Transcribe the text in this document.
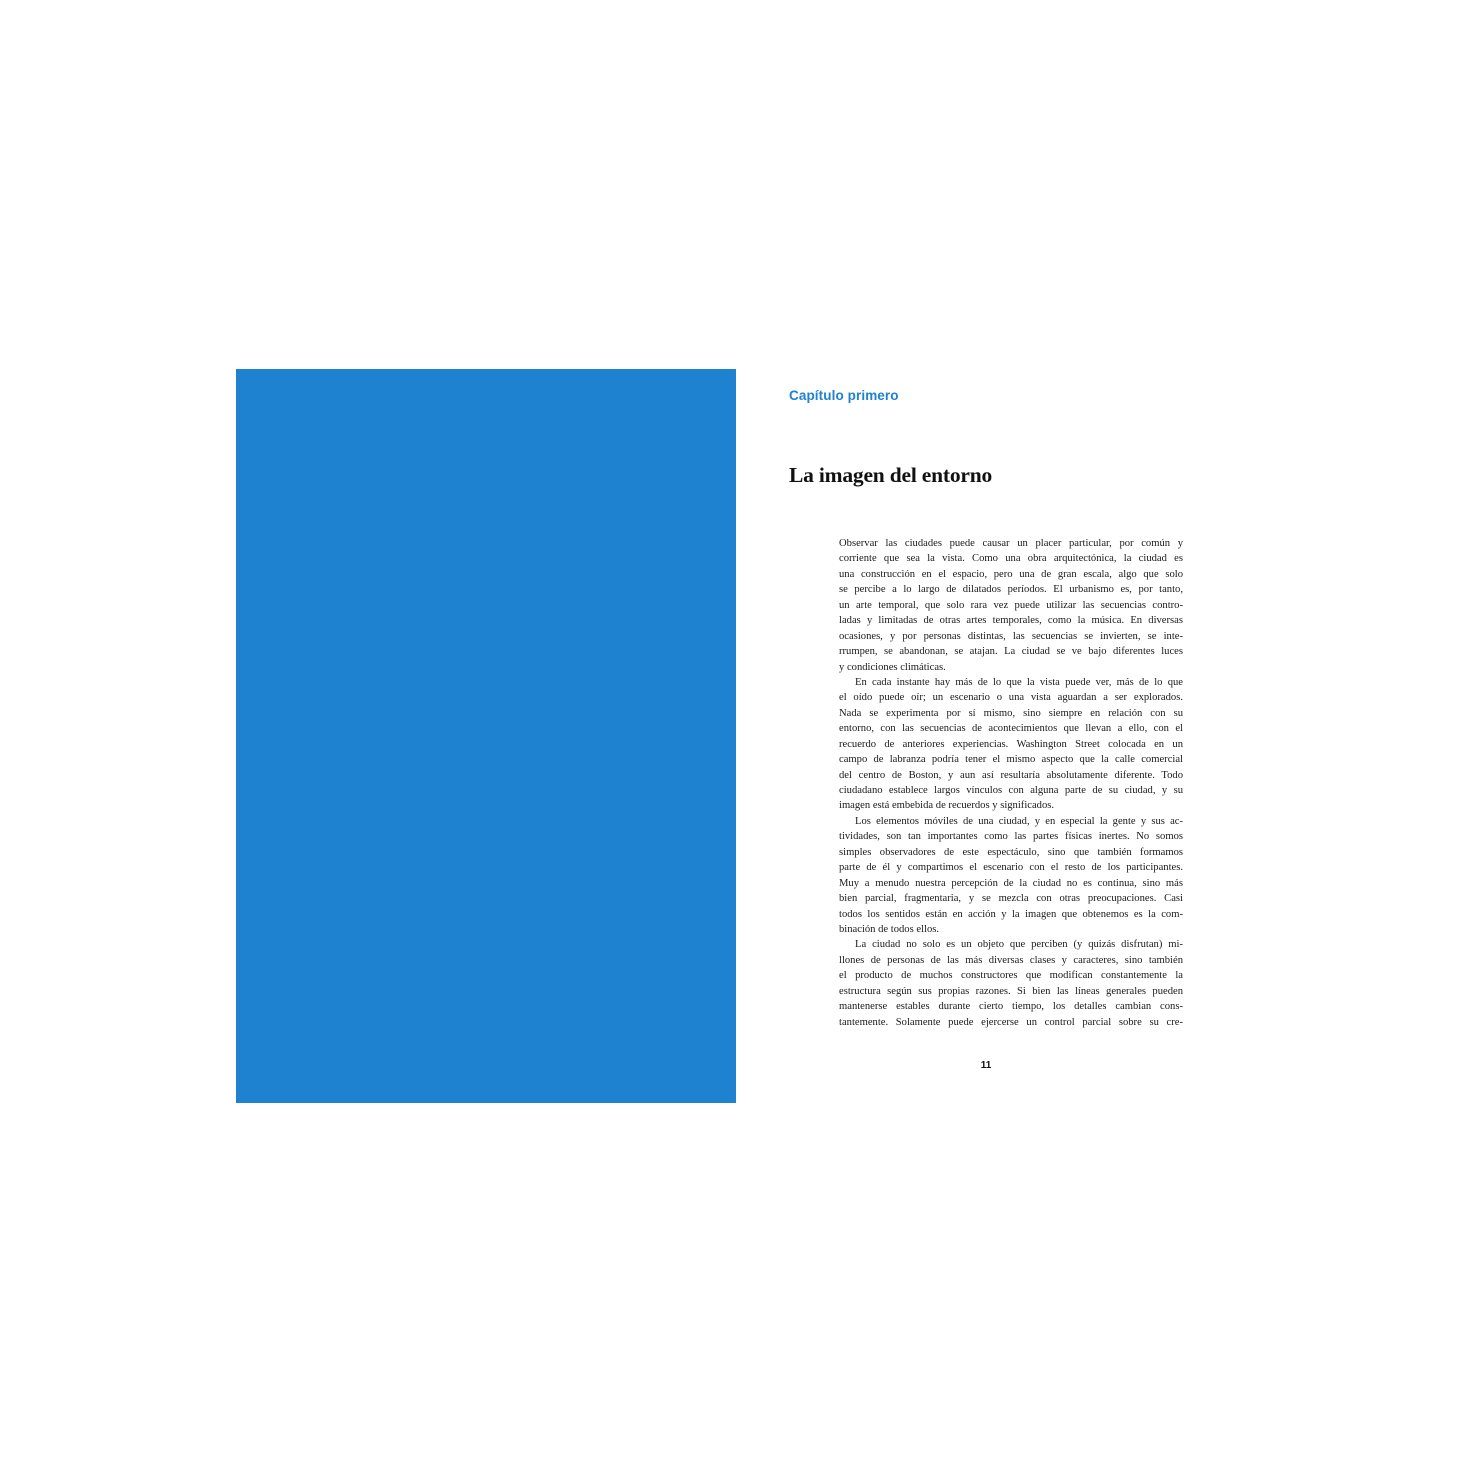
Capítulo primero
La imagen del entorno
Observar las ciudades puede causar un placer particular, por común y
corriente que sea la vista. Como una obra arquitectónica, la ciudad es
una construcción en el espacio, pero una de gran escala, algo que solo
se percibe a lo largo de dilatados períodos. El urbanismo es, por tanto,
un arte temporal, que solo rara vez puede utilizar las secuencias contro-
ladas y limitadas de otras artes temporales, como la música. En diversas
ocasiones, y por personas distintas, las secuencias se invierten, se inte-
rrumpen, se abandonan, se atajan. La ciudad se ve bajo diferentes luces
y condiciones climáticas.
En cada instante hay más de lo que la vista puede ver, más de lo que
el oído puede oír; un escenario o una vista aguardan a ser explorados.
Nada se experimenta por sí mismo, sino siempre en relación con su
entorno, con las secuencias de acontecimientos que llevan a ello, con el
recuerdo de anteriores experiencias. Washington Street colocada en un
campo de labranza podría tener el mismo aspecto que la calle comercial
del centro de Boston, y aun así resultaría absolutamente diferente. Todo
ciudadano establece largos vínculos con alguna parte de su ciudad, y su
imagen está embebida de recuerdos y significados.
Los elementos móviles de una ciudad, y en especial la gente y sus ac-
tividades, son tan importantes como las partes físicas inertes. No somos
simples observadores de este espectáculo, sino que también formamos
parte de él y compartimos el escenario con el resto de los participantes.
Muy a menudo nuestra percepción de la ciudad no es continua, sino más
bien parcial, fragmentaria, y se mezcla con otras preocupaciones. Casi
todos los sentidos están en acción y la imagen que obtenemos es la com-
binación de todos ellos.
La ciudad no solo es un objeto que perciben (y quizás disfrutan) mi-
llones de personas de las más diversas clases y caracteres, sino también
el producto de muchos constructores que modifican constantemente la
estructura según sus propias razones. Si bien las líneas generales pueden
mantenerse estables durante cierto tiempo, los detalles cambian cons-
tantemente. Solamente puede ejercerse un control parcial sobre su cre-
11
